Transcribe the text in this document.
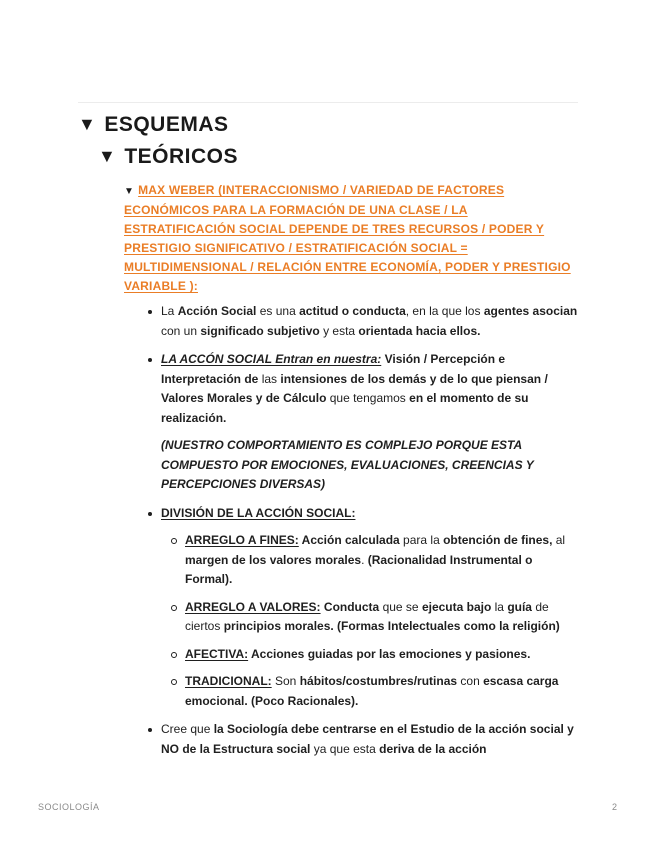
▼ ESQUEMAS
▼ TEÓRICOS
▼ MAX WEBER (INTERACCIONISMO / VARIEDAD DE FACTORES ECONÓMICOS PARA LA FORMACIÓN DE UNA CLASE / LA ESTRATIFICACIÓN SOCIAL DEPENDE DE TRES RECURSOS / PODER Y PRESTIGIO SIGNIFICATIVO / ESTRATIFICACIÓN SOCIAL = MULTIDIMENSIONAL / RELACIÓN ENTRE ECONOMÍA, PODER Y PRESTIGIO VARIABLE ):
La Acción Social es una actitud o conducta, en la que los agentes asocian con un significado subjetivo y esta orientada hacia ellos.
LA ACCÓN SOCIAL Entran en nuestra: Visión / Percepción e Interpretación de las intensiones de los demás y de lo que piensan / Valores Morales y de Cálculo que tengamos en el momento de su realización.
(NUESTRO COMPORTAMIENTO ES COMPLEJO PORQUE ESTA COMPUESTO POR EMOCIONES, EVALUACIONES, CREENCIAS Y PERCEPCIONES DIVERSAS)
DIVISIÓN DE LA ACCIÓN SOCIAL:
ARREGLO A FINES: Acción calculada para la obtención de fines, al margen de los valores morales. (Racionalidad Instrumental o Formal).
ARREGLO A VALORES: Conducta que se ejecuta bajo la guía de ciertos principios morales. (Formas Intelectuales como la religión)
AFECTIVA: Acciones guiadas por las emociones y pasiones.
TRADICIONAL: Son hábitos/costumbres/rutinas con escasa carga emocional. (Poco Racionales).
Cree que la Sociología debe centrarse en el Estudio de la acción social y NO de la Estructura social ya que esta deriva de la acción
SOCIOLOGÍA	2
